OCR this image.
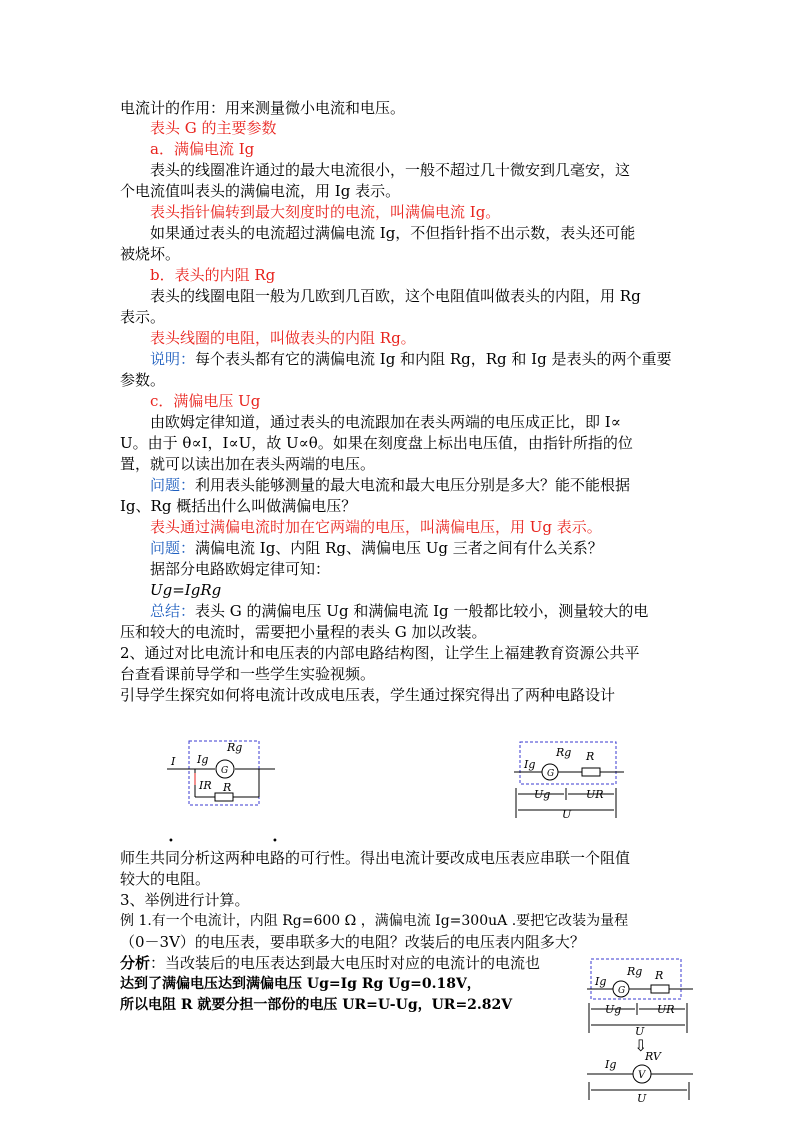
电流计的作用：用来测量微小电流和电压。
表头 G 的主要参数
a．满偏电流 Ig
表头的线圈准许通过的最大电流很小，一般不超过几十微安到几毫安，这
个电流值叫表头的满偏电流，用 Ig 表示。
表头指针偏转到最大刻度时的电流，叫满偏电流 Ig。
如果通过表头的电流超过满偏电流 Ig，不但指针指不出示数，表头还可能
被烧坏。
b．表头的内阻 Rg
表头的线圈电阻一般为几欧到几百欧，这个电阻值叫做表头的内阻，用 Rg
表示。
表头线圈的电阻，叫做表头的内阻 Rg。
说明：每个表头都有它的满偏电流 Ig 和内阻 Rg，Rg 和 Ig 是表头的两个重要
参数。
c．满偏电压 Ug
由欧姆定律知道，通过表头的电流跟加在表头两端的电压成正比，即 I∝
U。由于 θ∝I，I∝U，故 U∝θ。如果在刻度盘上标出电压值，由指针所指的位
置，就可以读出加在表头两端的电压。
问题：利用表头能够测量的最大电流和最大电压分别是多大？能不能根据
Ig、Rg 概括出什么叫做满偏电压？
表头通过满偏电流时加在它两端的电压，叫满偏电压，用 Ug 表示。
问题：满偏电流 Ig、内阻 Rg、满偏电压 Ug 三者之间有什么关系？
据部分电路欧姆定律可知：
Ug=IgRg
总结：表头 G 的满偏电压 Ug 和满偏电流 Ig 一般都比较小，测量较大的电
压和较大的电流时，需要把小量程的表头 G 加以改装。
2、通过对比电流计和电压表的内部电路结构图，让学生上福建教育资源公共平
台查看课前导学和一些学生实验视频。
引导学生探究如何将电流计改成电压表，学生通过探究得出了两种电路设计
G
I Ig
Rg
IR R
G
Ig
Rg R
Ug	UR
U
•	•
师生共同分析这两种电路的可行性。得出电流计要改成电压表应串联一个阻值
较大的电阻。
3、举例进行计算。
例 1.有一个电流计，内阻 Rg=600 Ω ，满偏电流 Ig=300uA .要把它改装为量程
（0－3V）的电压表，要串联多大的电阻？改装后的电压表内阻多大？
分析：当改装后的电压表达到最大电压时对应的电流计的电流也
达到了满偏电压达到满偏电压 Ug=Ig Rg Ug=0.18V，
所以电阻 R 就要分担一部份的电压 UR=U-Ug，UR=2.82V
G
Ig
Rg R
Ug	UR
U
⇩
V
Ig
RV
U
